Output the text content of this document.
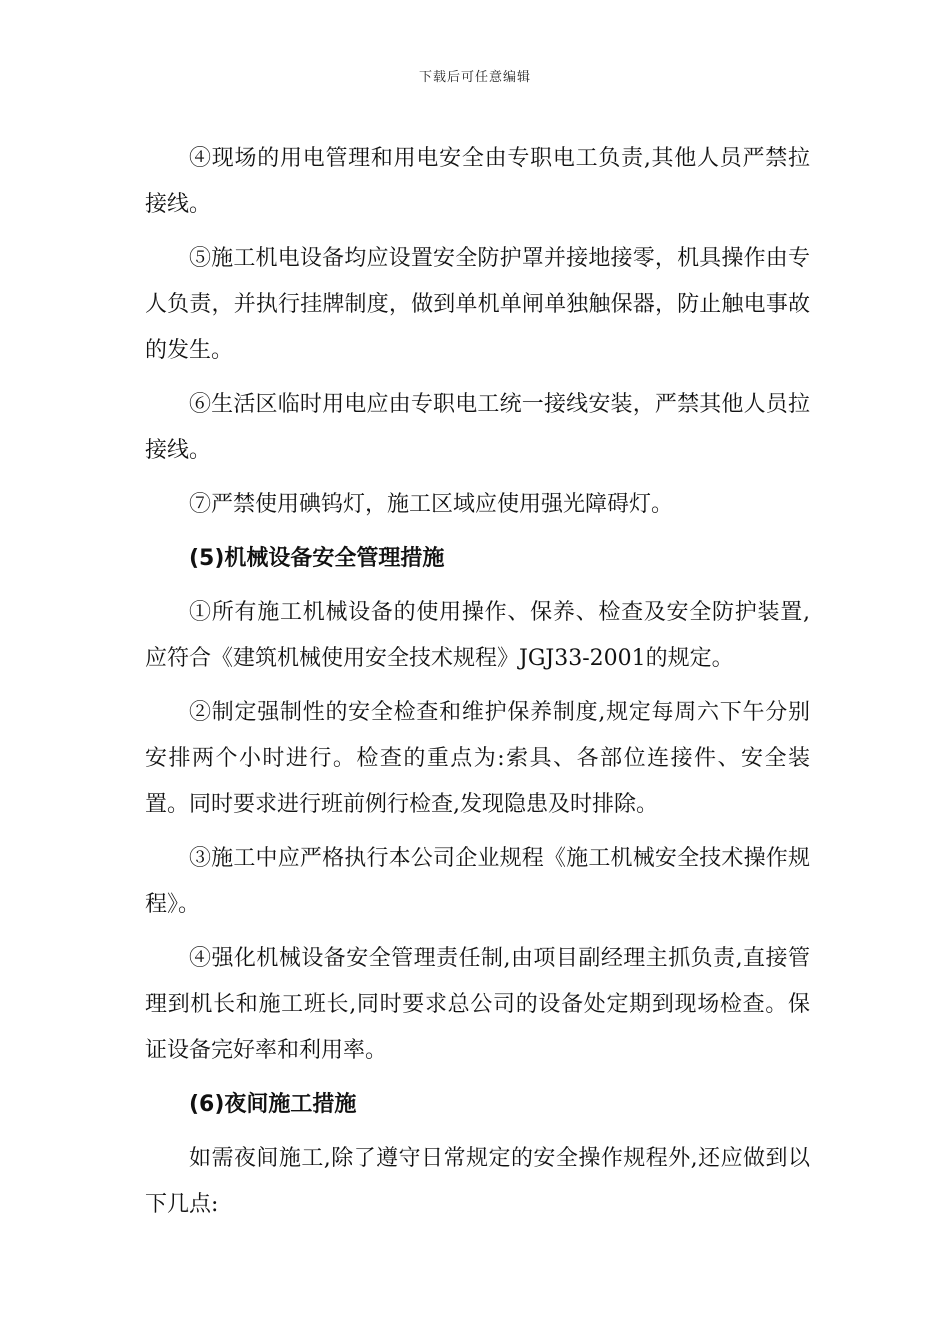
下载后可任意编辑

④现场的用电管理和用电安全由专职电工负责,其他人员严禁拉接线。

⑤施工机电设备均应设置安全防护罩并接地接零，机具操作由专人负责，并执行挂牌制度，做到单机单闸单独触保器，防止触电事故的发生。

⑥生活区临时用电应由专职电工统一接线安装，严禁其他人员拉接线。

⑦严禁使用碘钨灯，施工区域应使用强光障碍灯。

(5)机械设备安全管理措施

①所有施工机械设备的使用操作、保养、检查及安全防护装置,应符合《建筑机械使用安全技术规程》JGJ33-2001的规定。

②制定强制性的安全检查和维护保养制度,规定每周六下午分别安排两个小时进行。检查的重点为:索具、各部位连接件、安全装置。同时要求进行班前例行检查,发现隐患及时排除。

③施工中应严格执行本公司企业规程《施工机械安全技术操作规程》。

④强化机械设备安全管理责任制,由项目副经理主抓负责,直接管理到机长和施工班长,同时要求总公司的设备处定期到现场检查。保证设备完好率和利用率。

(6)夜间施工措施

如需夜间施工,除了遵守日常规定的安全操作规程外,还应做到以下几点:
